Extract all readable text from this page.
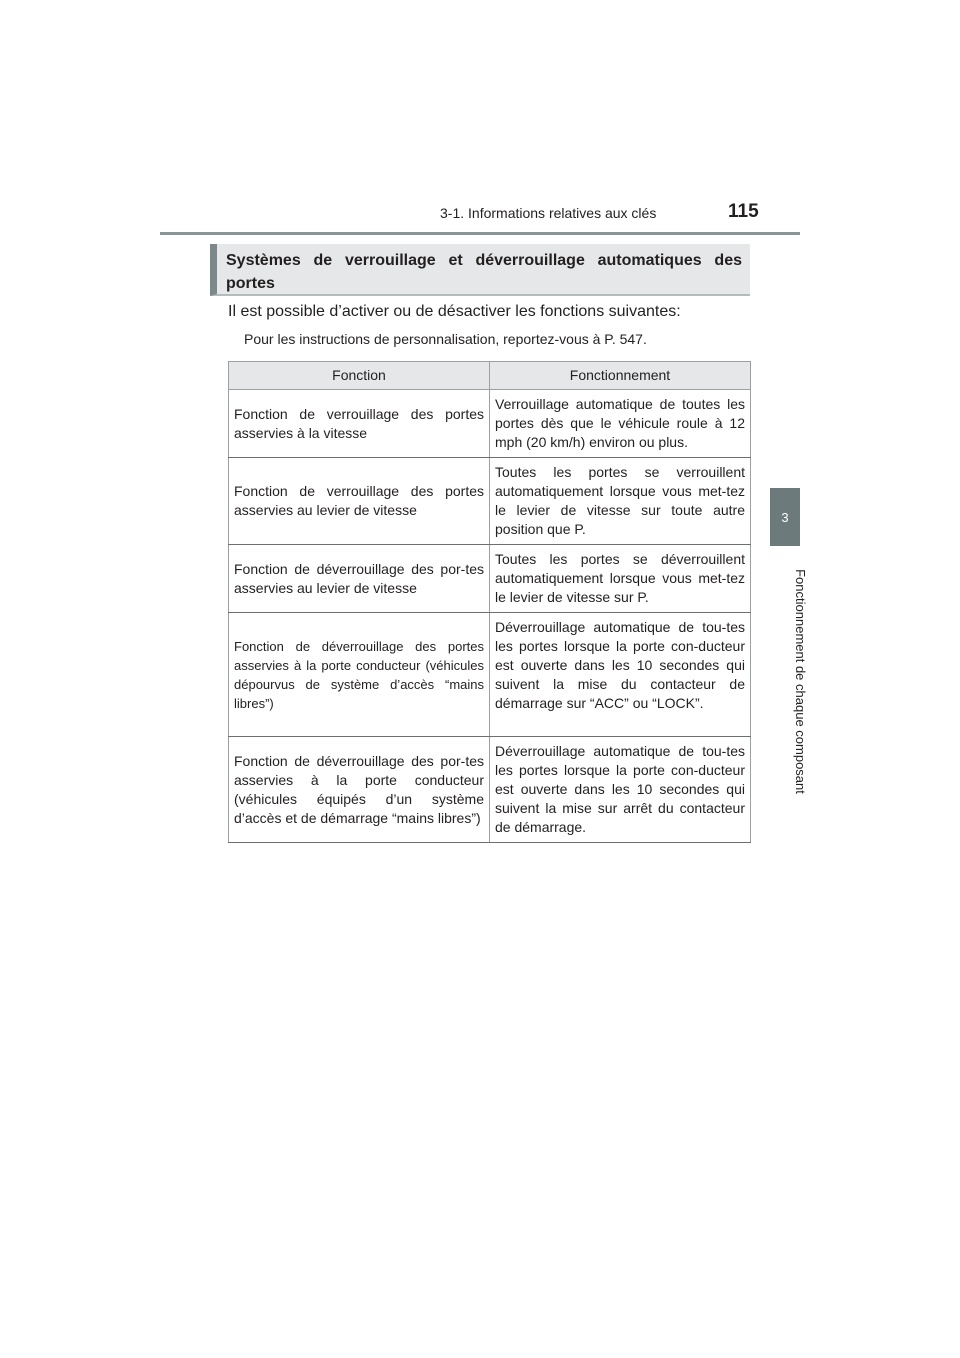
3-1. Informations relatives aux clés	115
3
Fonctionnement de chaque composant
Systèmes de verrouillage et déverrouillage automatiques des portes
Il est possible d’activer ou de désactiver les fonctions suivantes:
Pour les instructions de personnalisation, reportez-vous à P. 547.
Fonction	Fonctionnement
Fonction de verrouillage des portes asservies à la vitesse	Verrouillage automatique de toutes les portes dès que le véhicule roule à 12 mph (20 km/h) environ ou plus.
Fonction de verrouillage des portes asservies au levier de vitesse	Toutes les portes se verrouillent automatiquement lorsque vous met-tez le levier de vitesse sur toute autre position que P.
Fonction de déverrouillage des por-tes asservies au levier de vitesse	Toutes les portes se déverrouillent automatiquement lorsque vous met-tez le levier de vitesse sur P.
Fonction de déverrouillage des portes asservies à la porte conducteur (véhicules dépourvus de système d’accès “mains libres”)	Déverrouillage automatique de tou-tes les portes lorsque la porte con-ducteur est ouverte dans les 10 secondes qui suivent la mise du contacteur de démarrage sur “ACC” ou “LOCK”.
Fonction de déverrouillage des por-tes asservies à la porte conducteur (véhicules équipés d’un système d’accès et de démarrage “mains libres”)	Déverrouillage automatique de tou-tes les portes lorsque la porte con-ducteur est ouverte dans les 10 secondes qui suivent la mise sur arrêt du contacteur de démarrage.
